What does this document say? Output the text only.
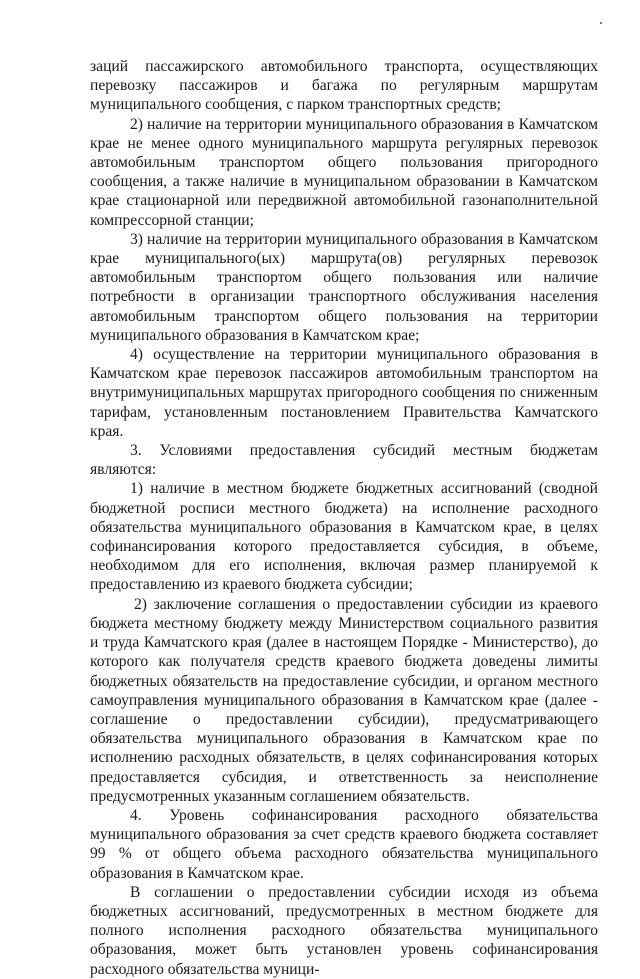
заций пассажирского автомобильного транспорта, осуществляющих перевозку пассажиров и багажа по регулярным маршрутам муниципального сообщения, с парком транспортных средств;

2) наличие на территории муниципального образования в Камчатском крае не менее одного муниципального маршрута регулярных перевозок автомобильным транспортом общего пользования пригородного сообщения, а также наличие в муниципальном образовании в Камчатском крае стационарной или передвижной автомобильной газонаполнительной компрессорной станции;

3) наличие на территории муниципального образования в Камчатском крае муниципального(ых) маршрута(ов) регулярных перевозок автомобильным транспортом общего пользования или наличие потребности в организации транспортного обслуживания населения автомобильным транспортом общего пользования на территории муниципального образования в Камчатском крае;

4) осуществление на территории муниципального образования в Камчатском крае перевозок пассажиров автомобильным транспортом на внутримуниципальных маршрутах пригородного сообщения по сниженным тарифам, установленным постановлением Правительства Камчатского края.

3. Условиями предоставления субсидий местным бюджетам являются:

1) наличие в местном бюджете бюджетных ассигнований (сводной бюджетной росписи местного бюджета) на исполнение расходного обязательства муниципального образования в Камчатском крае, в целях софинансирования которого предоставляется субсидия, в объеме, необходимом для его исполнения, включая размер планируемой к предоставлению из краевого бюджета субсидии;

2) заключение соглашения о предоставлении субсидии из краевого бюджета местному бюджету между Министерством социального развития и труда Камчатского края (далее в настоящем Порядке - Министерство), до которого как получателя средств краевого бюджета доведены лимиты бюджетных обязательств на предоставление субсидии, и органом местного самоуправления муниципального образования в Камчатском крае (далее - соглашение о предоставлении субсидии), предусматривающего обязательства муниципального образования в Камчатском крае по исполнению расходных обязательств, в целях софинансирования которых предоставляется субсидия, и ответственность за неисполнение предусмотренных указанным соглашением обязательств.

4. Уровень софинансирования расходного обязательства муниципального образования за счет средств краевого бюджета составляет 99 % от общего объема расходного обязательства муниципального образования в Камчатском крае.

В соглашении о предоставлении субсидии исходя из объема бюджетных ассигнований, предусмотренных в местном бюджете для полного исполнения расходного обязательства муниципального образования, может быть установлен уровень софинансирования расходного обязательства муници-
